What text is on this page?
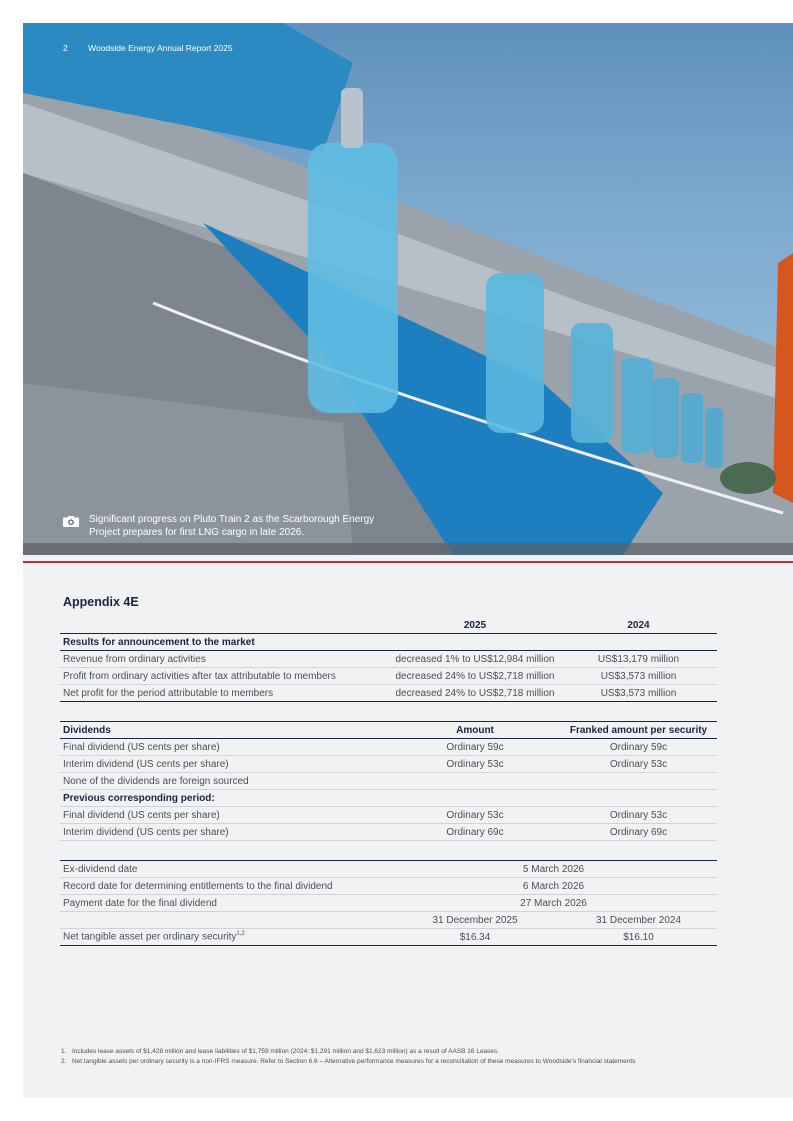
2 Woodside Energy Annual Report 2025
Significant progress on Pluto Train 2 as the Scarborough Energy Project prepares for first LNG cargo in late 2026.
Appendix 4E
	2025	2024
Results for announcement to the market		
Revenue from ordinary activities	decreased 1% to US$12,984 million	US$13,179 million
Profit from ordinary activities after tax attributable to members	decreased 24% to US$2,718 million	US$3,573 million
Net profit for the period attributable to members	decreased 24% to US$2,718 million	US$3,573 million
Dividends	Amount	Franked amount per security
Final dividend (US cents per share)	Ordinary 59c	Ordinary 59c
Interim dividend (US cents per share)	Ordinary 53c	Ordinary 53c
None of the dividends are foreign sourced		
Previous corresponding period:		
Final dividend (US cents per share)	Ordinary 53c	Ordinary 53c
Interim dividend (US cents per share)	Ordinary 69c	Ordinary 69c
Ex-dividend date	5 March 2026	
Record date for determining entitlements to the final dividend	6 March 2026	
Payment date for the final dividend	27 March 2026	
	31 December 2025	31 December 2024
Net tangible asset per ordinary security$^{1,2}$	$16.34	$16.10
1. Includes lease assets of $1,428 million and lease liabilities of $1,759 million (2024: $1,291 million and $1,623 million) as a result of AASB 16 Leases.
2. Net tangible assets per ordinary security is a non-IFRS measure. Refer to Section 6.6 – Alternative performance measures for a reconciliation of these measures to Woodside’s financial statements
